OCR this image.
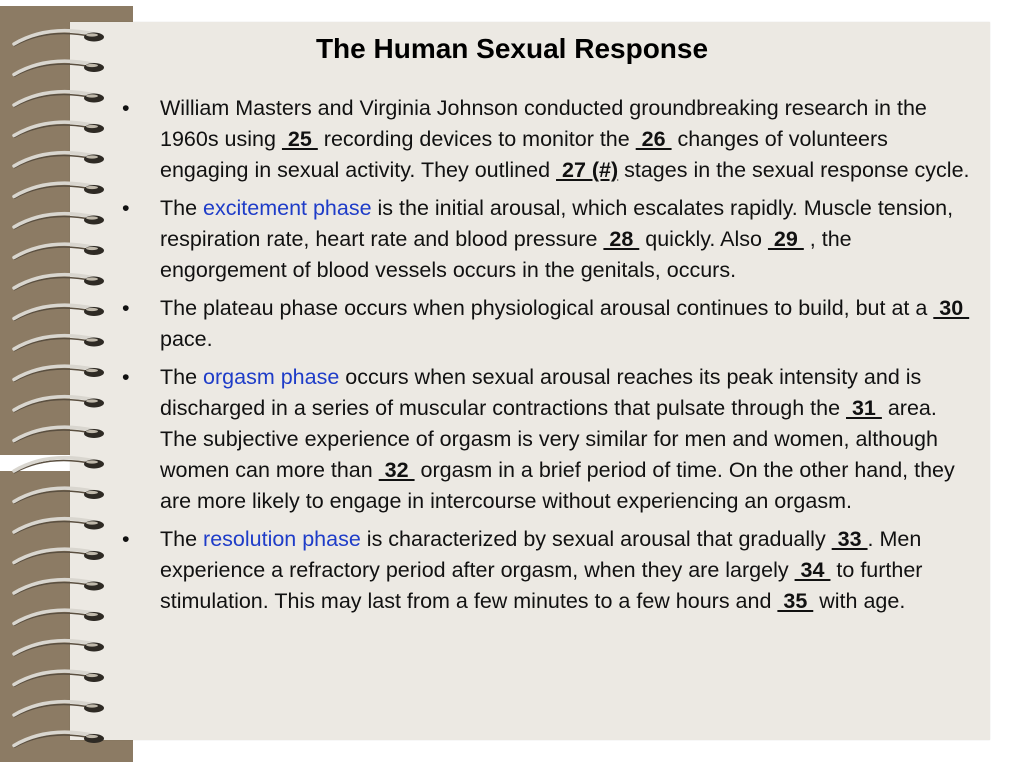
The Human Sexual Response
• William Masters and Virginia Johnson conducted groundbreaking research in the 1960s using  25  recording devices to monitor the  26  changes of volunteers engaging in sexual activity. They outlined  27 (#) stages in the sexual response cycle.
• The excitement phase is the initial arousal, which escalates rapidly. Muscle tension, respiration rate, heart rate and blood pressure  28  quickly. Also  29  , the engorgement of blood vessels occurs in the genitals, occurs.
• The plateau phase occurs when physiological arousal continues to build, but at a  30  pace.
• The orgasm phase occurs when sexual arousal reaches its peak intensity and is discharged in a series of muscular contractions that pulsate through the  31  area. The subjective experience of orgasm is very similar for men and women, although women can more than  32  orgasm in a brief period of time. On the other hand, they are more likely to engage in intercourse without experiencing an orgasm.
• The resolution phase is characterized by sexual arousal that gradually  33 . Men experience a refractory period after orgasm, when they are largely  34  to further stimulation. This may last from a few minutes to a few hours and  35  with age.
